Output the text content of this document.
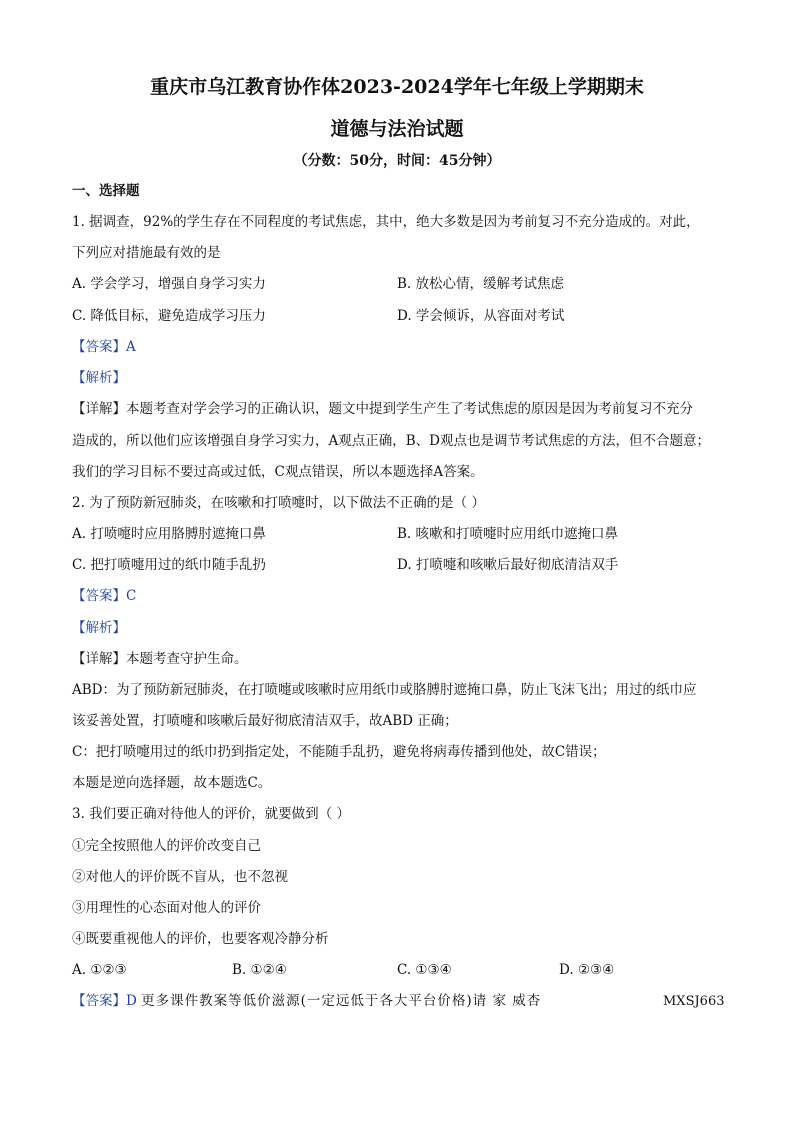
重庆市乌江教育协作体2023-2024学年七年级上学期期末
道德与法治试题
（分数：50分，时间：45分钟）
一、选择题
1. 据调查，92%的学生存在不同程度的考试焦虑，其中，绝大多数是因为考前复习不充分造成的。对此，
下列应对措施最有效的是
A. 学会学习，增强自身学习实力	B. 放松心情，缓解考试焦虑
C. 降低目标，避免造成学习压力	D. 学会倾诉，从容面对考试
【答案】A
【解析】
【详解】本题考查对学会学习的正确认识，题文中提到学生产生了考试焦虑的原因是因为考前复习不充分
造成的，所以他们应该增强自身学习实力，A观点正确，B、D观点也是调节考试焦虑的方法，但不合题意；
我们的学习目标不要过高或过低，C观点错误，所以本题选择A答案。
2. 为了预防新冠肺炎，在咳嗽和打喷嚏时，以下做法不正确的是（ ）
A. 打喷嚏时应用胳膊肘遮掩口鼻	B. 咳嗽和打喷嚏时应用纸巾遮掩口鼻
C. 把打喷嚏用过的纸巾随手乱扔	D. 打喷嚏和咳嗽后最好彻底清洁双手
【答案】C
【解析】
【详解】本题考查守护生命。
ABD：为了预防新冠肺炎，在打喷嚏或咳嗽时应用纸巾或胳膊肘遮掩口鼻，防止飞沫飞出；用过的纸巾应
该妥善处置，打喷嚏和咳嗽后最好彻底清洁双手，故ABD 正确；
C：把打喷嚏用过的纸巾扔到指定处，不能随手乱扔，避免将病毒传播到他处，故C错误；
本题是逆向选择题，故本题选C。
3. 我们要正确对待他人的评价，就要做到（ ）
①完全按照他人的评价改变自己
②对他人的评价既不盲从，也不忽视
③用理性的心态面对他人的评价
④既要重视他人的评价，也要客观冷静分析
A. ①②③	B. ①②④	C. ①③④	D. ②③④
【答案】D 更多课件教案等低价滋源(一定远低于各大平台价格)请 家 威杏	MXSJ663
